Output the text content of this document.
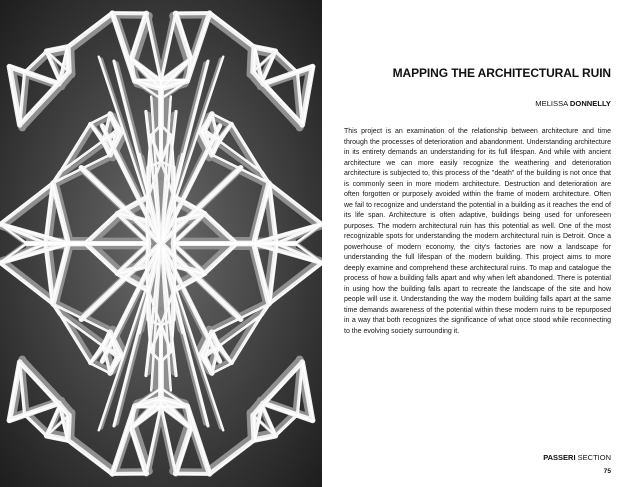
MAPPING THE ARCHITECTURAL RUIN

MELISSA DONNELLY

This project is an examination of the relationship between architecture and time through the processes of deterioration and abandonment. Understanding architecture in its entirety demands an understanding for its full lifespan. And while with ancient architecture we can more easily recognize the weathering and deterioration architecture is subjected to, this process of the "death" of the building is not once that is commonly seen in more modern architecture. Destruction and deterioration are often forgotten or purposely avoided within the frame of modern architecture. Often we fail to recognize and understand the potential in a building as it reaches the end of its life span. Architecture is often adaptive, buildings being used for unforeseen purposes. The modern architectural ruin has this potential as well. One of the most recognizable spots for understanding the modern architectural ruin is Detroit. Once a powerhouse of modern economy, the city's factories are now a landscape for understanding the full lifespan of the modern building. This project aims to more deeply examine and comprehend these architectural ruins. To map and catalogue the process of how a building falls apart and why when left abandoned. There is potential in using how the building falls apart to recreate the landscape of the site and how people will use it. Understanding the way the modern building falls apart at the same time demands awareness of the potential within these modern ruins to be repurposed in a way that both recognizes the significance of what once stood while reconnecting to the evolving society surrounding it.

PASSERI SECTION

75
